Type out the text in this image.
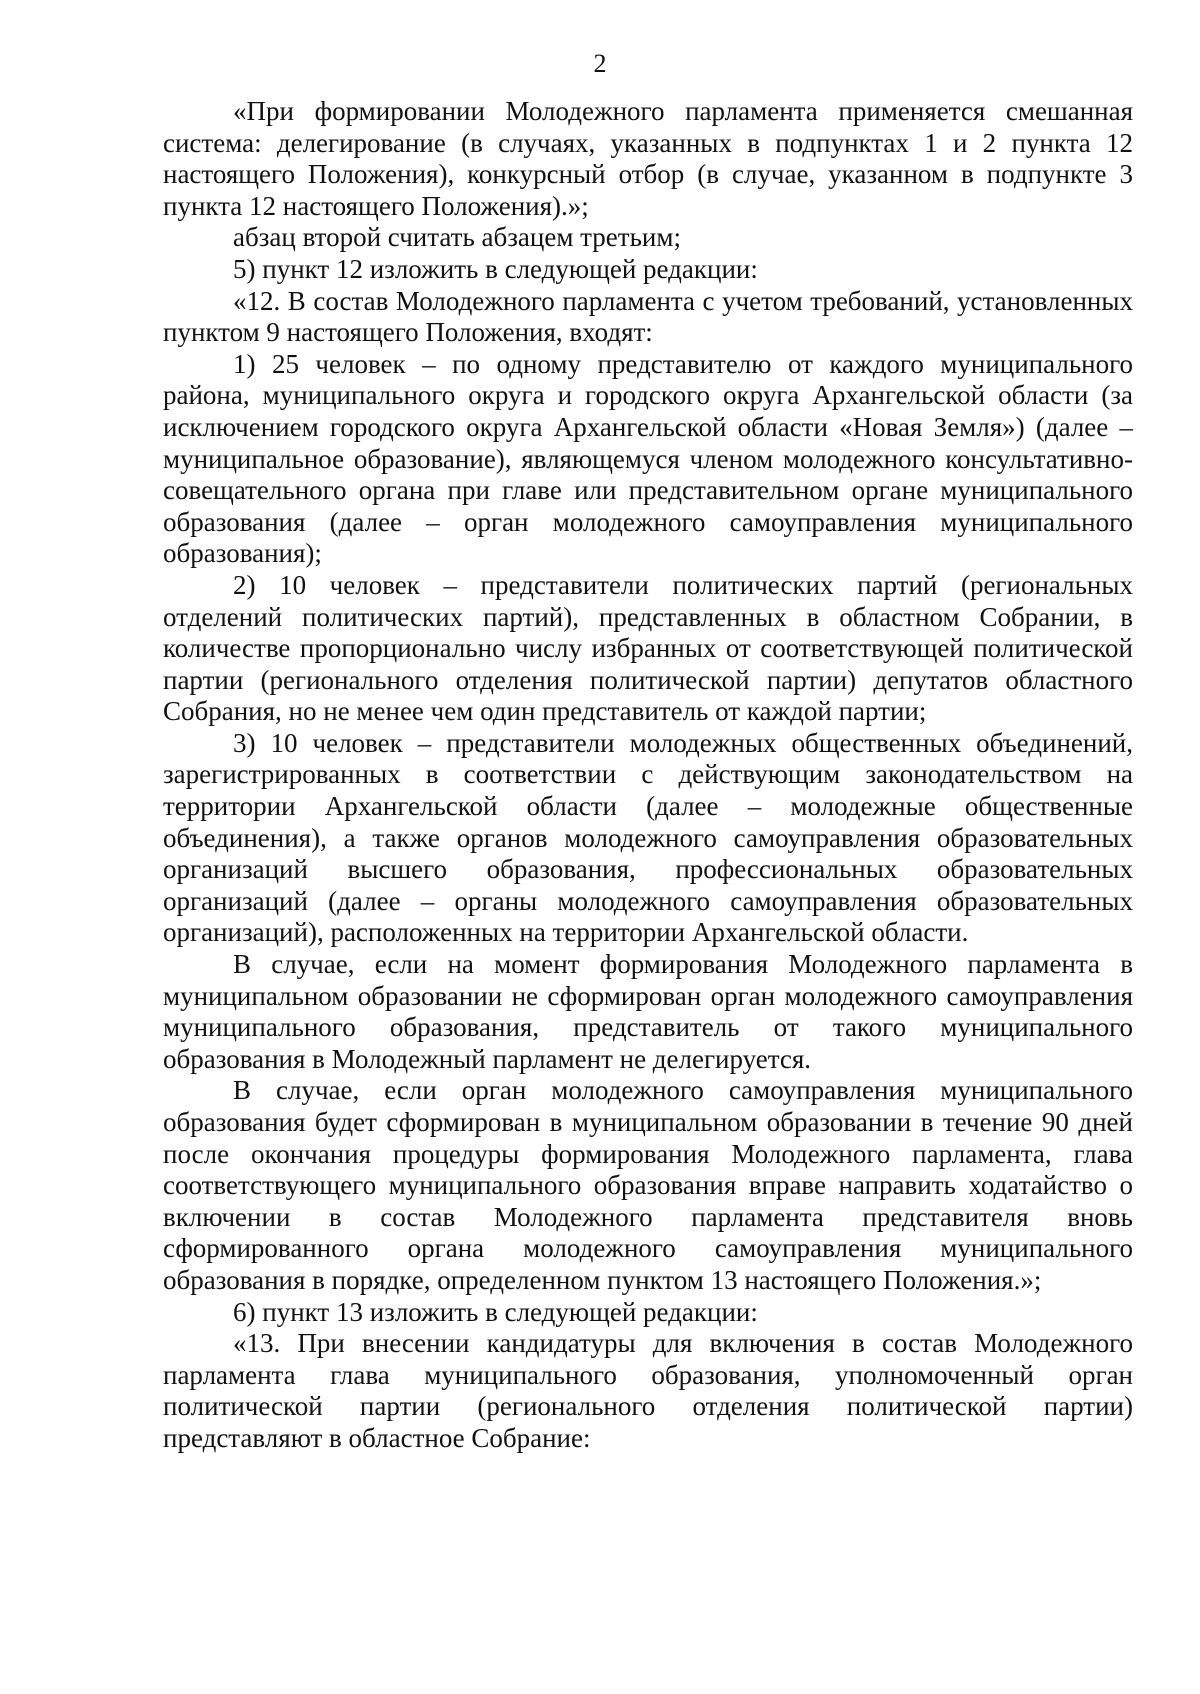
2

«При формировании Молодежного парламента применяется смешанная система: делегирование (в случаях, указанных в подпунктах 1 и 2 пункта 12 настоящего Положения), конкурсный отбор (в случае, указанном в подпункте 3 пункта 12 настоящего Положения).»;

абзац второй считать абзацем третьим;

5) пункт 12 изложить в следующей редакции:

«12. В состав Молодежного парламента с учетом требований, установленных пунктом 9 настоящего Положения, входят:

1) 25 человек – по одному представителю от каждого муниципального района, муниципального округа и городского округа Архангельской области (за исключением городского округа Архангельской области «Новая Земля») (далее – муниципальное образование), являющемуся членом молодежного консультативно-совещательного органа при главе или представительном органе муниципального образования (далее – орган молодежного самоуправления муниципального образования);

2) 10 человек – представители политических партий (региональных отделений политических партий), представленных в областном Собрании, в количестве пропорционально числу избранных от соответствующей политической партии (регионального отделения политической партии) депутатов областного Собрания, но не менее чем один представитель от каждой партии;

3) 10 человек – представители молодежных общественных объединений, зарегистрированных в соответствии с действующим законодательством на территории Архангельской области (далее – молодежные общественные объединения), а также органов молодежного самоуправления образовательных организаций высшего образования, профессиональных образовательных организаций (далее – органы молодежного самоуправления образовательных организаций), расположенных на территории Архангельской области.

В случае, если на момент формирования Молодежного парламента в муниципальном образовании не сформирован орган молодежного самоуправления муниципального образования, представитель от такого муниципального образования в Молодежный парламент не делегируется.

В случае, если орган молодежного самоуправления муниципального образования будет сформирован в муниципальном образовании в течение 90 дней после окончания процедуры формирования Молодежного парламента, глава соответствующего муниципального образования вправе направить ходатайство о включении в состав Молодежного парламента представителя вновь сформированного органа молодежного самоуправления муниципального образования в порядке, определенном пунктом 13 настоящего Положения.»;

6) пункт 13 изложить в следующей редакции:

«13. При внесении кандидатуры для включения в состав Молодежного парламента глава муниципального образования, уполномоченный орган политической партии (регионального отделения политической партии) представляют в областное Собрание:
